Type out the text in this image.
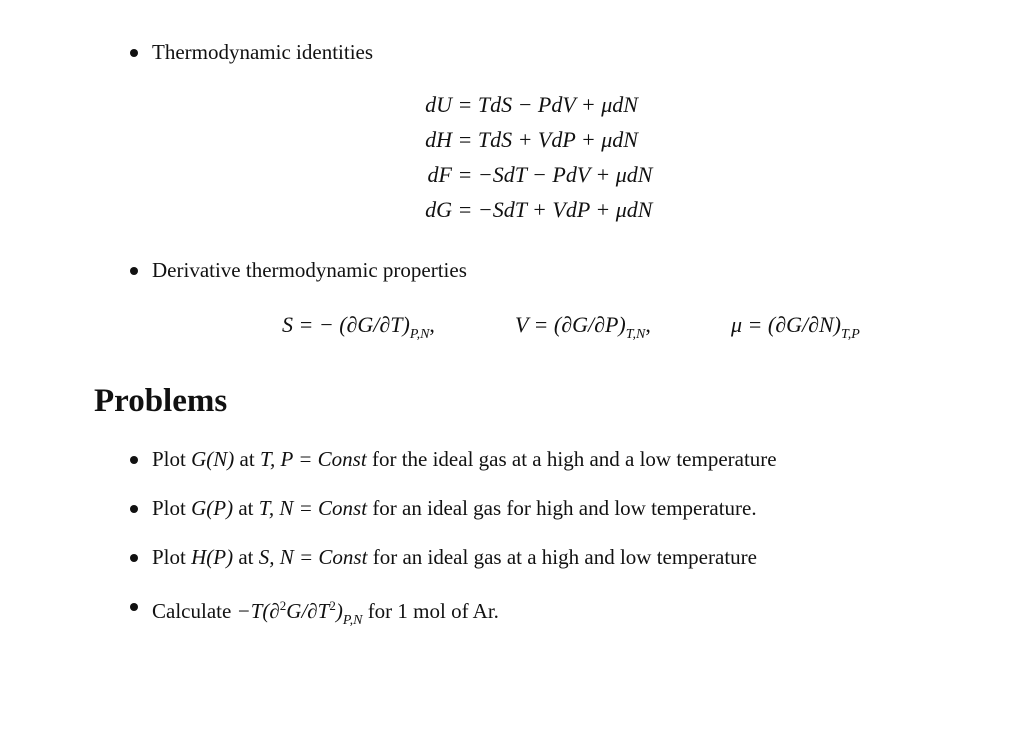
Thermodynamic identities
dU = TdS − PdV + μdN
dH = TdS + VdP + μdN
dF = −SdT − PdV + μdN
dG = −SdT + VdP + μdN
Derivative thermodynamic properties
S = − $(\partial G/\partial T)_{P,N}$,	$V = (\partial G/\partial P)_{T,N}$,	$\mu = (\partial G/\partial N)_{T,P}$
Problems
Plot G(N) at T, P = Const for the ideal gas at a high and a low temperature
Plot G(P) at T, N = Const for an ideal gas for high and low temperature.
Plot H(P) at S, N = Const for an ideal gas at a high and low temperature
Calculate $-T(\partial^2G/\partial T^2)_{P,N}$ for 1 mol of Ar.
